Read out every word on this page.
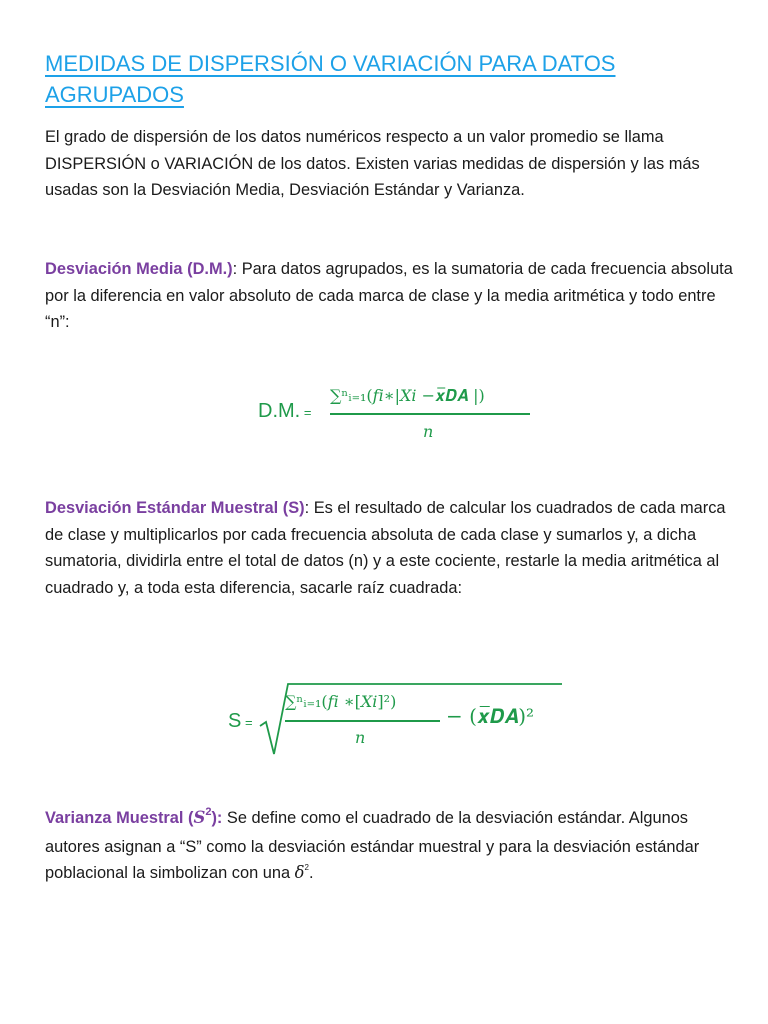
MEDIDAS DE DISPERSIÓN O VARIACIÓN PARA DATOS AGRUPADOS

El grado de dispersión de los datos numéricos respecto a un valor promedio se llama DISPERSIÓN o VARIACIÓN de los datos. Existen varias medidas de dispersión y las más usadas son la Desviación Media, Desviación Estándar y Varianza.

Desviación Media (D.M.): Para datos agrupados, es la sumatoria de cada frecuencia absoluta por la diferencia en valor absoluto de cada marca de clase y la media aritmética y todo entre “n”:

D.M. =
∑ⁿᵢ₌₁(𝑓𝑖∗|𝑋𝑖 −𝒙̅𝑫𝑨 |)
𝑛

Desviación Estándar Muestral (S): Es el resultado de calcular los cuadrados de cada marca de clase y multiplicarlos por cada frecuencia absoluta de cada clase y sumarlos y, a dicha sumatoria, dividirla entre el total de datos (n) y a este cociente, restarle la media aritmética al cuadrado y, a toda esta diferencia, sacarle raíz cuadrada:

S =
∑ⁿᵢ₌₁(𝑓𝑖 ∗[𝑋𝑖]²)
𝑛
− (𝒙̅𝑫𝑨)²

Varianza Muestral $(S^2)$: Se define como el cuadrado de la desviación estándar. Algunos autores asignan a “S” como la desviación estándar muestral y para la desviación estándar poblacional la simbolizan con una $\delta^2$.
